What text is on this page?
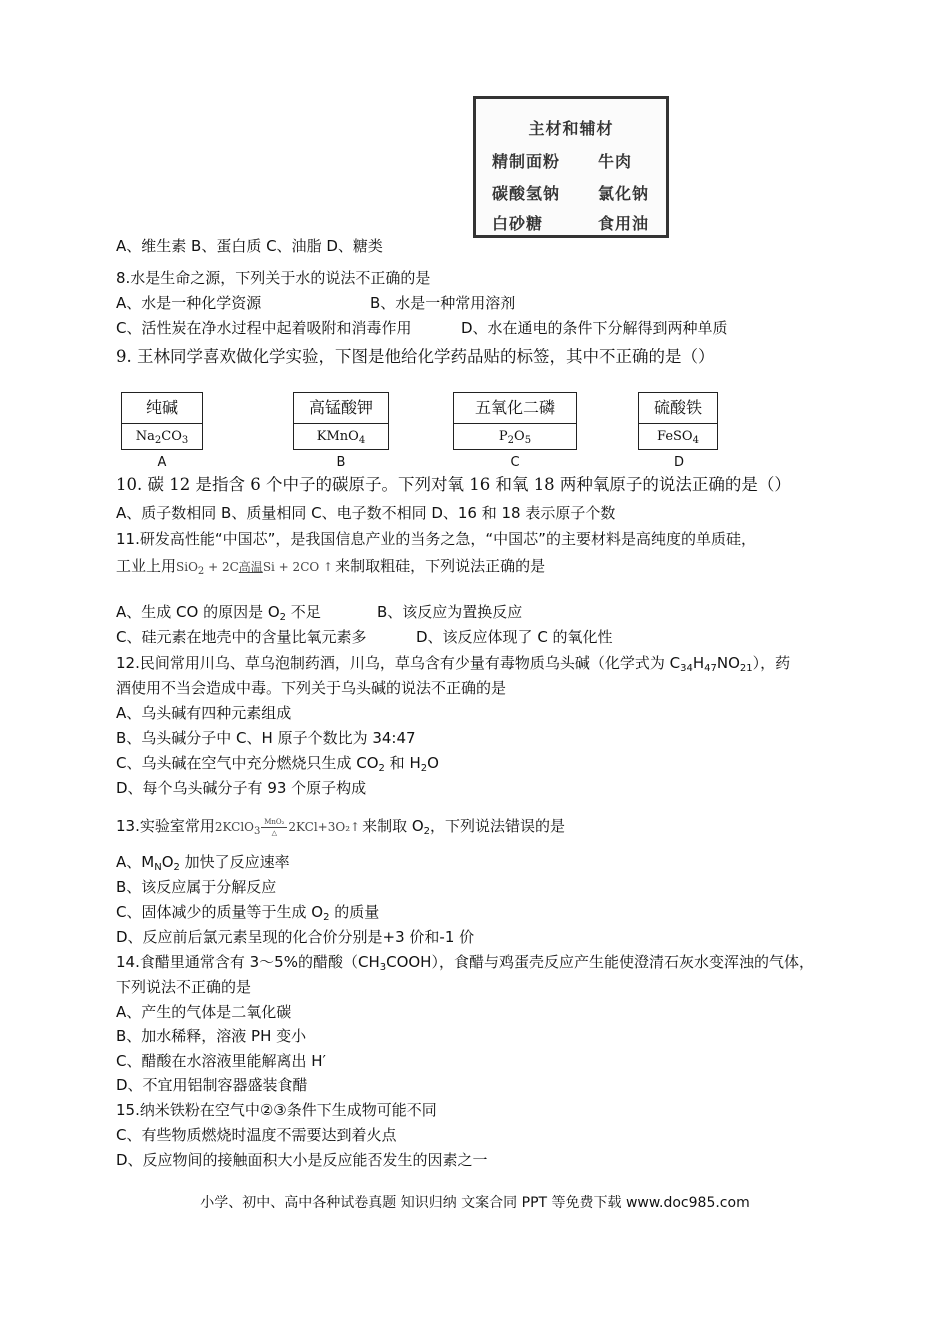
主材和辅材
精制面粉 牛肉
碳酸氢钠 氯化钠
白砂糖	食用油
A、维生素 B、蛋白质 C、油脂 D、糖类
8.水是生命之源，下列关于水的说法不正确的是
A、水是一种化学资源	B、水是一种常用溶剂
C、活性炭在净水过程中起着吸附和消毒作用	D、水在通电的条件下分解得到两种单质
9. 王林同学喜欢做化学实验，下图是他给化学药品贴的标签，其中不正确的是（）
纯碱
$Na_2CO_3$
A
高锰酸钾
KMnO$_4$
B
五氧化二磷
$P_2O_5$
C
硫酸铁
FeSO$_4$
D
10. 碳 12 是指含 6 个中子的碳原子。下列对氧 16 和氧 18 两种氧原子的说法正确的是（）
A、质子数相同 B、质量相同 C、电子数不相同 D、16 和 18 表示原子个数
11.研发高性能“中国芯”，是我国信息产业的当务之急，“中国芯”的主要材料是高纯度的单质硅，
工业上用SiO$_2$ + 2C高温Si + 2CO ↑ 来制取粗硅，下列说法正确的是
A、生成 CO 的原因是 $O_2$ 不足	B、该反应为置换反应
C、硅元素在地壳中的含量比氧元素多	D、该反应体现了 C 的氧化性
12.民间常用川乌、草乌泡制药酒，川乌，草乌含有少量有毒物质乌头碱（化学式为 $C_{34}H_{47}NO_{21}$），药
酒使用不当会造成中毒。下列关于乌头碱的说法不正确的是
A、乌头碱有四种元素组成
B、乌头碱分子中 C、H 原子个数比为 34:47
C、乌头碱在空气中充分燃烧只生成 $CO_2$ 和 $H_2O$
D、每个乌头碱分子有 93 个原子构成
13.实验室常用2KClO$_3$MnO₂
△ 2KCl+3O₂↑ 来制取 $O_2$，下列说法错误的是
A、$M_NO_2$ 加快了反应速率
B、该反应属于分解反应
C、固体减少的质量等于生成 $O_2$ 的质量
D、反应前后氯元素呈现的化合价分别是+3 价和-1 价
14.食醋里通常含有 3～5%的醋酸$(CH_3COOH)$，食醋与鸡蛋壳反应产生能使澄清石灰水变浑浊的气体，
下列说法不正确的是
A、产生的气体是二氧化碳
B、加水稀释，溶液 PH 变小
C、醋酸在水溶液里能解离出 H′
D、不宜用铝制容器盛装食醋
15.纳米铁粉在空气中②③条件下生成物可能不同
C、有些物质燃烧时温度不需要达到着火点
D、反应物间的接触面积大小是反应能否发生的因素之一
小学、初中、高中各种试卷真题 知识归纳 文案合同 PPT 等免费下载 www.doc985.com
